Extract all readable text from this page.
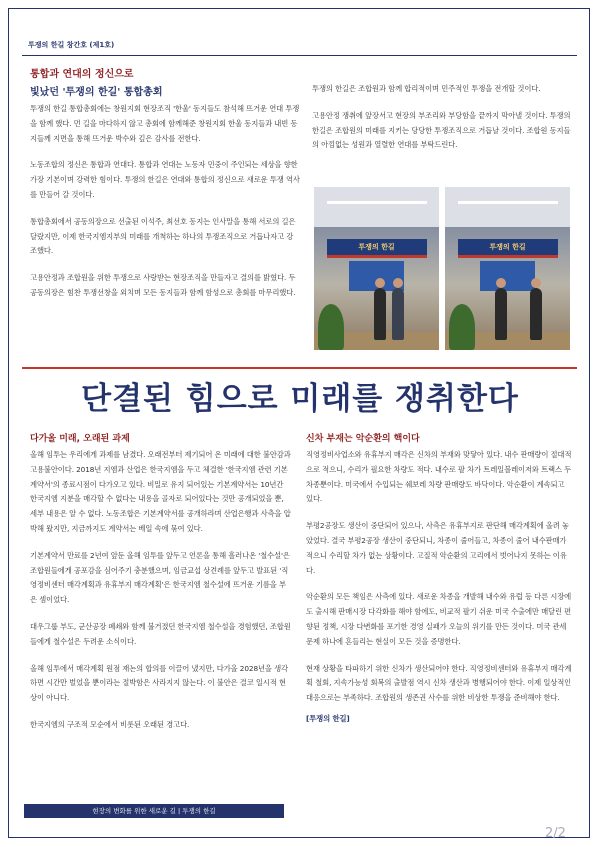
투쟁의 한길 창간호 (제1호)
통합과 연대의 정신으로
빛났던 '투쟁의 한길' 통합총회

투쟁의 한길 통합총회에는 창원지회 현장조직 '한울' 동지들도 참석해 뜨거운 연대 투쟁을 함께 했다. 먼 길을 마다하지 않고 총회에 함께해준 창원지회 한울 동지들과 내빈 동지들께 지면을 통해 뜨거운 박수와 깊은 감사를 전한다.

노동조합의 정신은 통합과 연대다. 통합과 연대는 노동자 민중이 주인되는 세상을 향한 가장 기본이며 강력한 힘이다. 투쟁의 한길은 연대와 통합의 정신으로 새로운 투쟁 역사를 만들어 갈 것이다.

통합총회에서 공동의장으로 선출된 이석주, 최선호 동지는 인사말을 통해 서로의 길은 달랐지만, 이제 한국지엠지부의 미래를 개척하는 하나의 투쟁조직으로 거듭나자고 강조했다.

고용안정과 조합원을 위한 투쟁으로 사랑받는 현장조직을 만들자고 결의를 밝혔다. 두 공동의장은 힘찬 투쟁선창을 외치며 모든 동지들과 함께 함성으로 총회를 마무리했다.

투쟁의 한길은 조합원과 함께 합리적이며 민주적인 투쟁을 전개할 것이다.

고용안정 쟁취에 앞장서고 현장의 부조리와 부당함을 끝까지 막아낼 것이다. 투쟁의 한길은 조합원의 미래를 지키는 당당한 투쟁조직으로 거듭날 것이다. 조합원 동지들의 아낌없는 성원과 열렬한 연대를 부탁드린다.

투쟁의 한길	투쟁의 한길
단결된 힘으로 미래를 쟁취한다
다가올 미래, 오래된 과제

올해 임투는 우리에게 과제를 남겼다. 오래전부터 제기되어 온 미래에 대한 불안감과 고용불안이다. 2018년 지엠과 산업은 한국지엠을 두고 체결한 '한국지엠 관련 기본계약서'의 종료시점이 다가오고 있다. 비밀로 유지 되어있는 기본계약서는 10년간 한국지엠 지분을 매각할 수 없다는 내용을 골자로 되어있다는 것만 공개되었을 뿐, 세부 내용은 알 수 없다. 노동조합은 기본계약서를 공개하라며 산업은행과 사측을 압박해 왔지만, 지금까지도 계약서는 베일 속에 묶여 있다.

기본계약서 만료를 2년여 앞둔 올해 임투를 앞두고 언론을 통해 흘러나온 '철수설'은 조합원들에게 공포감을 심어주기 충분했으며, 임금교섭 상견례를 앞두고 발표된 '직영정비센터 매각계획과 유휴부지 매각계획'은 한국지엠 철수설에 뜨거운 기름을 부은 셈이었다.

대우그룹 부도, 군산공장 폐쇄와 함께 불거졌던 한국지엠 철수설을 경험했던, 조합원들에게 철수설은 두려운 소식이다.

올해 임투에서 매각계획 원점 재논의 합의를 이끌어 냈지만, 다가올 2028년을 생각하면 시간만 벌었을 뿐이라는 절박함은 사라지지 않는다. 이 불안은 결코 일시적 현상이 아니다.

한국지엠의 구조적 모순에서 비롯된 오래된 경고다.

신차 부재는 악순환의 핵이다

직영정비사업소와 유휴부지 매각은 신차의 부재와 맞닿아 있다. 내수 판매량이 절대적으로 적으니, 수리가 필요한 차량도 적다. 내수로 팔 차가 트레일블레이저와 트랙스 두 차종뿐이다. 미국에서 수입되는 쉐보레 차량 판매량도 바닥이다. 악순환이 계속되고 있다.

부평2공장도 생산이 중단되어 있으나, 사측은 유휴부지로 판단해 매각계획에 올려 놓았었다. 결국 부평2공장 생산이 중단되니, 차종이 줄어들고, 차종이 줄어 내수판매가 적으니 수리할 차가 없는 상황이다. 고질적 악순환의 고리에서 벗어나지 못하는 이유다.

악순환의 모든 책임은 사측에 있다. 새로운 차종을 개발해 내수와 유럽 등 다른 시장에도 출시해 판매시장 다각화를 해야 함에도, 비교적 팔기 쉬운 미국 수출에만 매달린 편향된 정책, 시장 다변화를 포기한 경영 실패가 오늘의 위기를 만든 것이다. 미국 관세 문제 하나에 흔들리는 현실이 모든 것을 증명한다.

현재 상황을 타파하기 위한 신차가 생산되어야 한다. 직영정비센터와 유휴부지 매각계획 철회, 지속가능성 회복의 출발점 역시 신차 생산과 병행되어야 한다. 이제 일상적인 대응으로는 부족하다. 조합원의 생존권 사수를 위한 비상한 투쟁을 준비해야 한다.

[투쟁의 한길]
현장의 변화를 위한 새로운 길 | 투쟁의 한길
2/2
